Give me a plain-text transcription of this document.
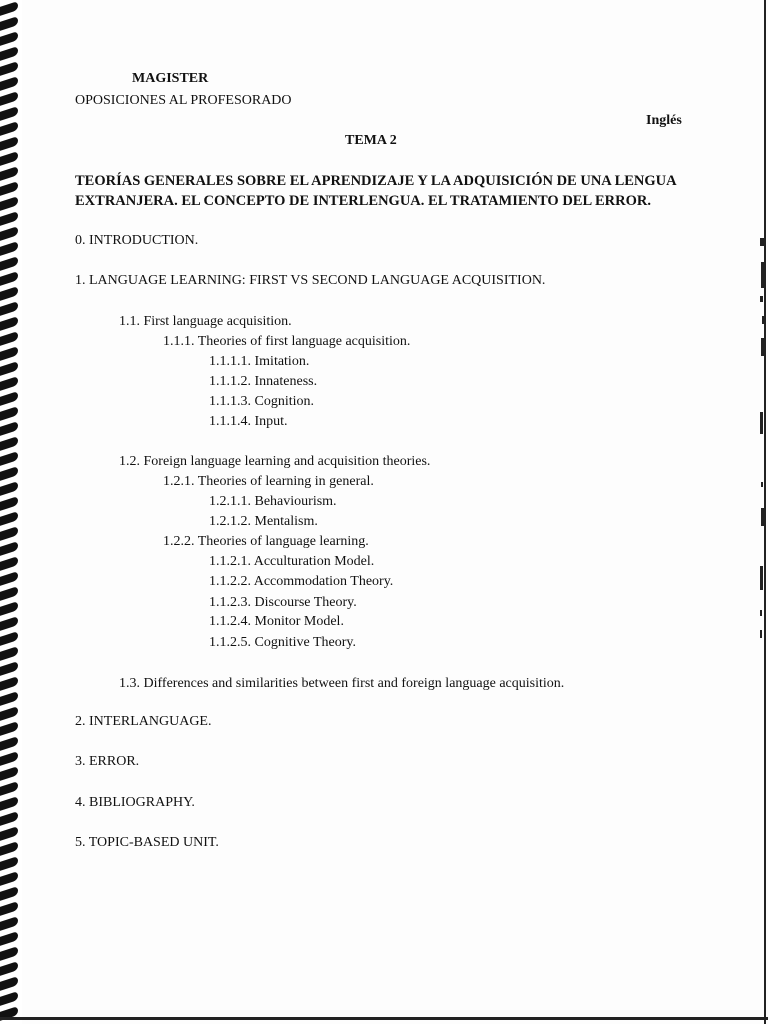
MAGISTER
OPOSICIONES AL PROFESORADO
Inglés
TEMA 2
TEORÍAS GENERALES SOBRE EL APRENDIZAJE Y LA ADQUISICIÓN DE UNA LENGUA
EXTRANJERA. EL CONCEPTO DE INTERLENGUA. EL TRATAMIENTO DEL ERROR.
0. INTRODUCTION.
1. LANGUAGE LEARNING: FIRST VS SECOND LANGUAGE ACQUISITION.
1.1. First language acquisition.
1.1.1. Theories of first language acquisition.
1.1.1.1. Imitation.
1.1.1.2. Innateness.
1.1.1.3. Cognition.
1.1.1.4. Input.
1.2. Foreign language learning and acquisition theories.
1.2.1. Theories of learning in general.
1.2.1.1. Behaviourism.
1.2.1.2. Mentalism.
1.2.2. Theories of language learning.
1.1.2.1. Acculturation Model.
1.1.2.2. Accommodation Theory.
1.1.2.3. Discourse Theory.
1.1.2.4. Monitor Model.
1.1.2.5. Cognitive Theory.
1.3. Differences and similarities between first and foreign language acquisition.
2. INTERLANGUAGE.
3. ERROR.
4. BIBLIOGRAPHY.
5. TOPIC-BASED UNIT.
